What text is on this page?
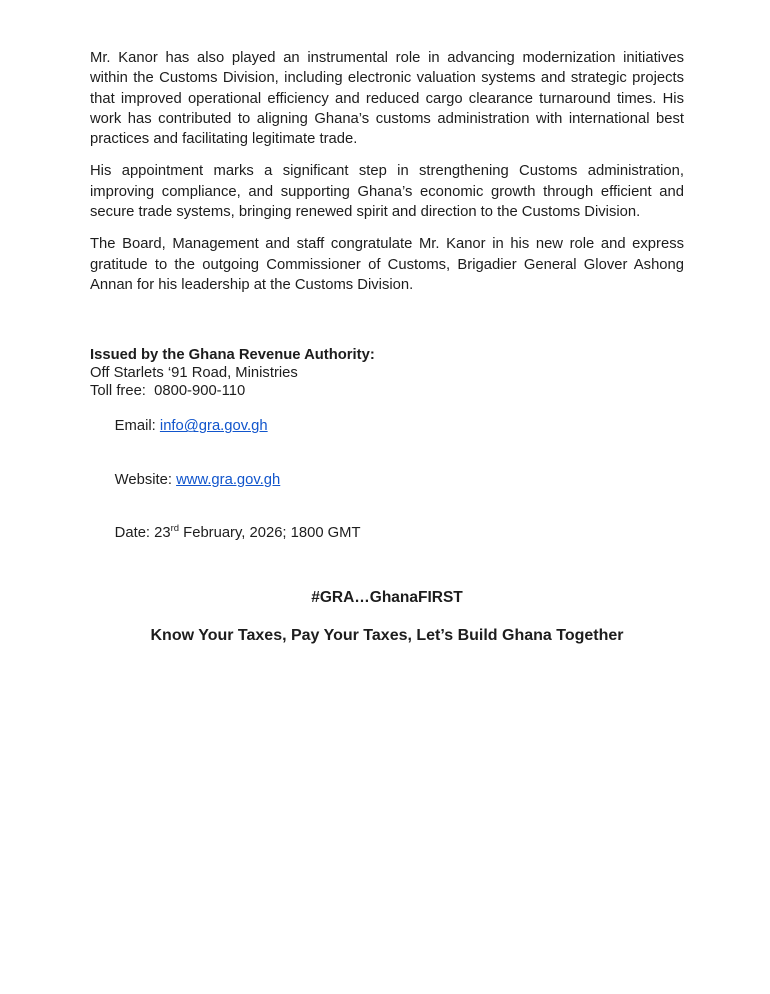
Mr. Kanor has also played an instrumental role in advancing modernization initiatives within the Customs Division, including electronic valuation systems and strategic projects that improved operational efficiency and reduced cargo clearance turnaround times. His work has contributed to aligning Ghana’s customs administration with international best practices and facilitating legitimate trade.

His appointment marks a significant step in strengthening Customs administration, improving compliance, and supporting Ghana’s economic growth through efficient and secure trade systems, bringing renewed spirit and direction to the Customs Division.

The Board, Management and staff congratulate Mr. Kanor in his new role and express gratitude to the outgoing Commissioner of Customs, Brigadier General Glover Ashong Annan for his leadership at the Customs Division.

Issued by the Ghana Revenue Authority:
Off Starlets ‘91 Road, Ministries
Toll free:  0800-900-110

Email: info@gra.gov.gh

Website: www.gra.gov.gh

Date: 23rd February, 2026; 1800 GMT

#GRA…GhanaFIRST
Know Your Taxes, Pay Your Taxes, Let’s Build Ghana Together
